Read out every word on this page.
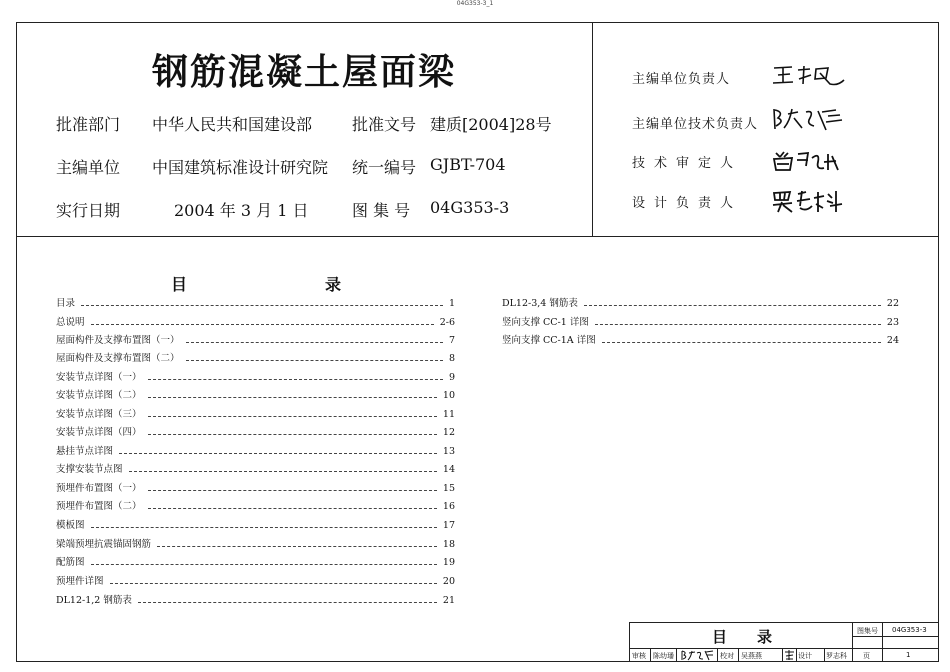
04G353-3_1
钢筋混凝土屋面梁
批准部门 中华人民共和国建设部 批准文号 建质[2004]28号
主编单位 中国建筑标准设计研究院 统一编号 GJBT-704
实行日期	2004 年 3 月 1 日	图 集 号 04G353-3
主编单位负责人
主编单位技术负责人
技术审定人
设计负责人
目	录
目录	1
总说明	2-6
屋面构件及支撑布置图（一）	7
屋面构件及支撑布置图（二）	8
安装节点详图（一）	9
安装节点详图（二）	10
安装节点详图（三）	11
安装节点详图（四）	12
悬挂节点详图	13
支撑安装节点图	14
预埋件布置图（一）	15
预埋件布置图（二）	16
模板图	17
梁端预埋抗震锚固钢筋	18
配筋图	19
预埋件详图	20
DL12-1,2 钢筋表	21
DL12-3,4 钢筋表	22
竖向支撑 CC-1 详图	23
竖向支撑 CC-1A 详图	24
目录	图集号 04G353-3
页	1
审核 陈幼璠	校对 吴燕燕	设计 罗志科
